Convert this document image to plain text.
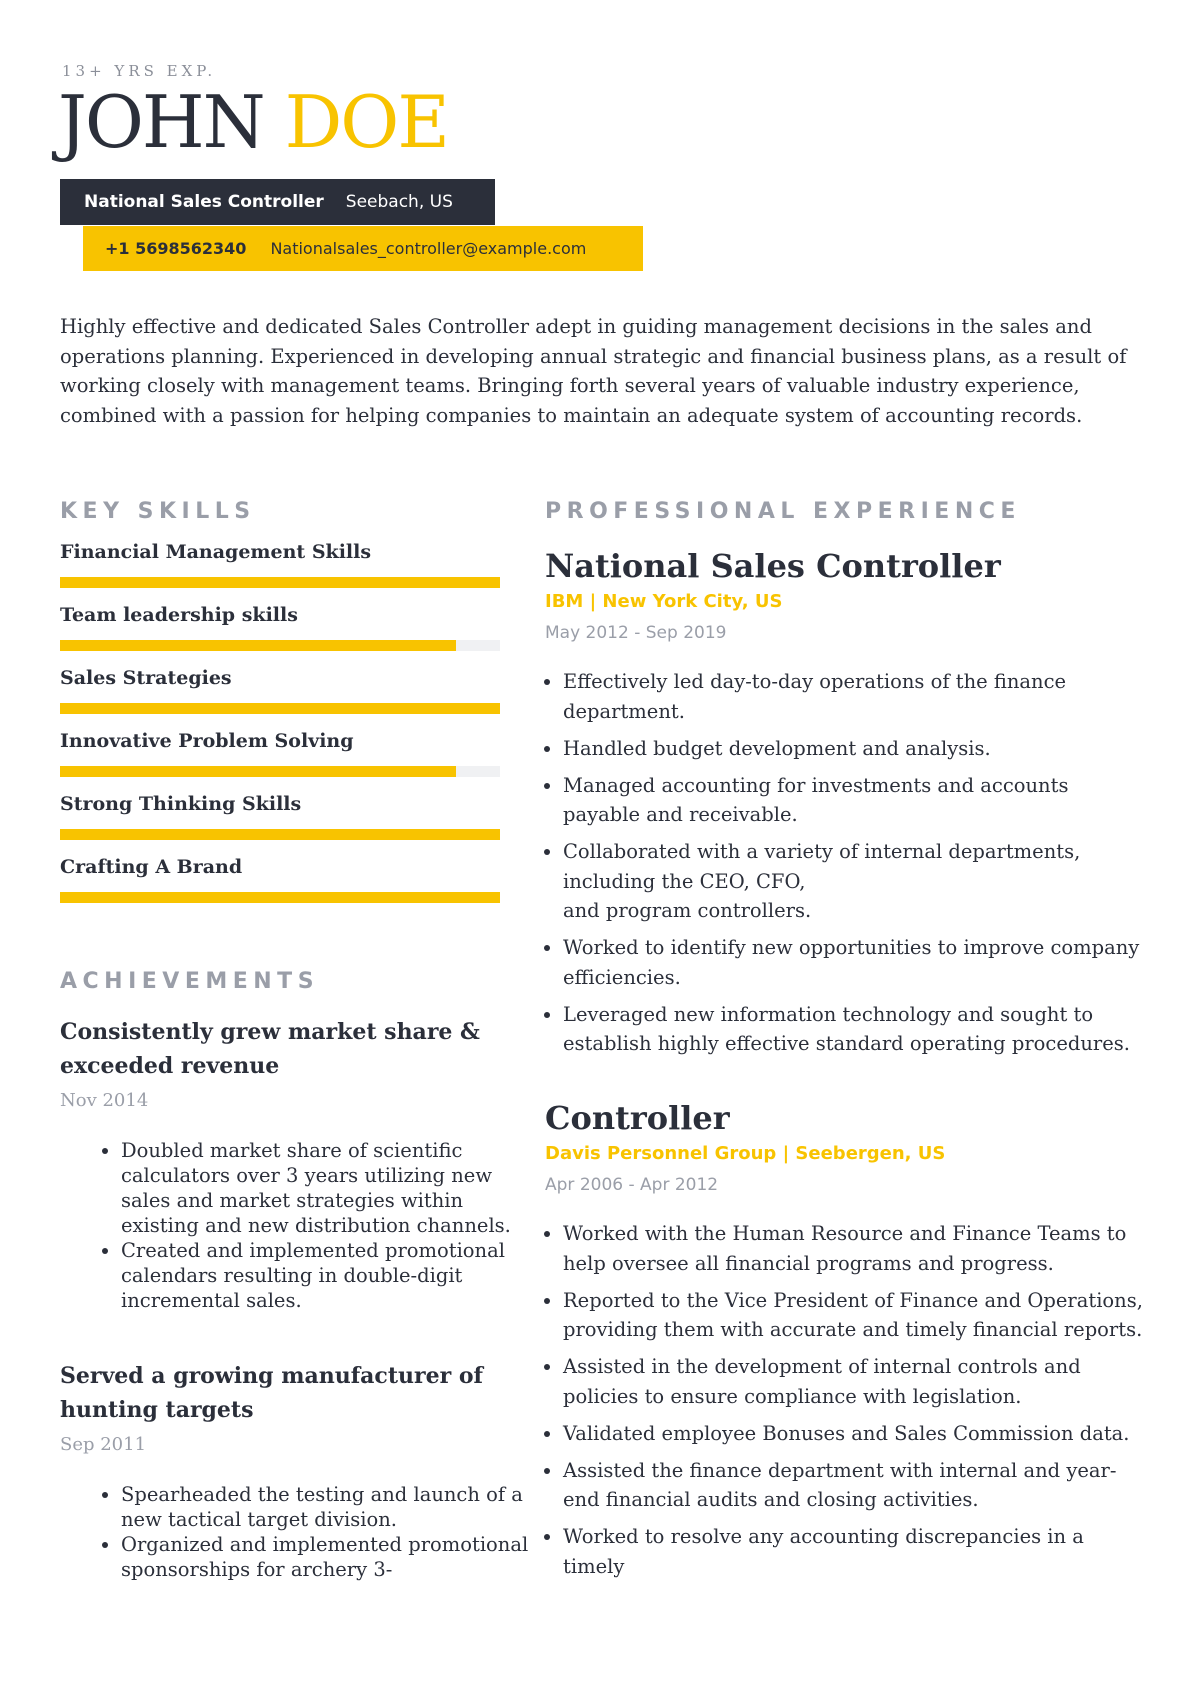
13+ YRS EXP.
JOHN DOE
National Sales Controller Seebach, US
+1 5698562340 Nationalsales_controller@example.com

Highly effective and dedicated Sales Controller adept in guiding management decisions in the sales and operations planning. Experienced in developing annual strategic and financial business plans, as a result of working closely with management teams. Bringing forth several years of valuable industry experience, combined with a passion for helping companies to maintain an adequate system of accounting records.

KEY SKILLS
Financial Management Skills
Team leadership skills
Sales Strategies
Innovative Problem Solving
Strong Thinking Skills
Crafting A Brand
ACHIEVEMENTS
Consistently grew market share & exceeded revenue
Nov 2014
• Doubled market share of scientific calculators over 3 years utilizing new sales and market strategies within existing and new distribution channels.
• Created and implemented promotional calendars resulting in double-digit incremental sales.
Served a growing manufacturer of hunting targets
Sep 2011
• Spearheaded the testing and launch of a new tactical target division.
• Organized and implemented promotional sponsorships for archery 3-
PROFESSIONAL EXPERIENCE
National Sales Controller
IBM | New York City, US
May 2012 - Sep 2019
• Effectively led day-to-day operations of the finance department.
• Handled budget development and analysis.
• Managed accounting for investments and accounts payable and receivable.
• Collaborated with a variety of internal departments, including the CEO, CFO,
and program controllers.
• Worked to identify new opportunities to improve company efficiencies.
• Leveraged new information technology and sought to establish highly effective standard operating procedures.
Controller
Davis Personnel Group | Seebergen, US
Apr 2006 - Apr 2012
• Worked with the Human Resource and Finance Teams to help oversee all financial programs and progress.
• Reported to the Vice President of Finance and Operations, providing them with accurate and timely financial reports.
• Assisted in the development of internal controls and policies to ensure compliance with legislation.
• Validated employee Bonuses and Sales Commission data.
• Assisted the finance department with internal and year-end financial audits and closing activities.
• Worked to resolve any accounting discrepancies in a timely
